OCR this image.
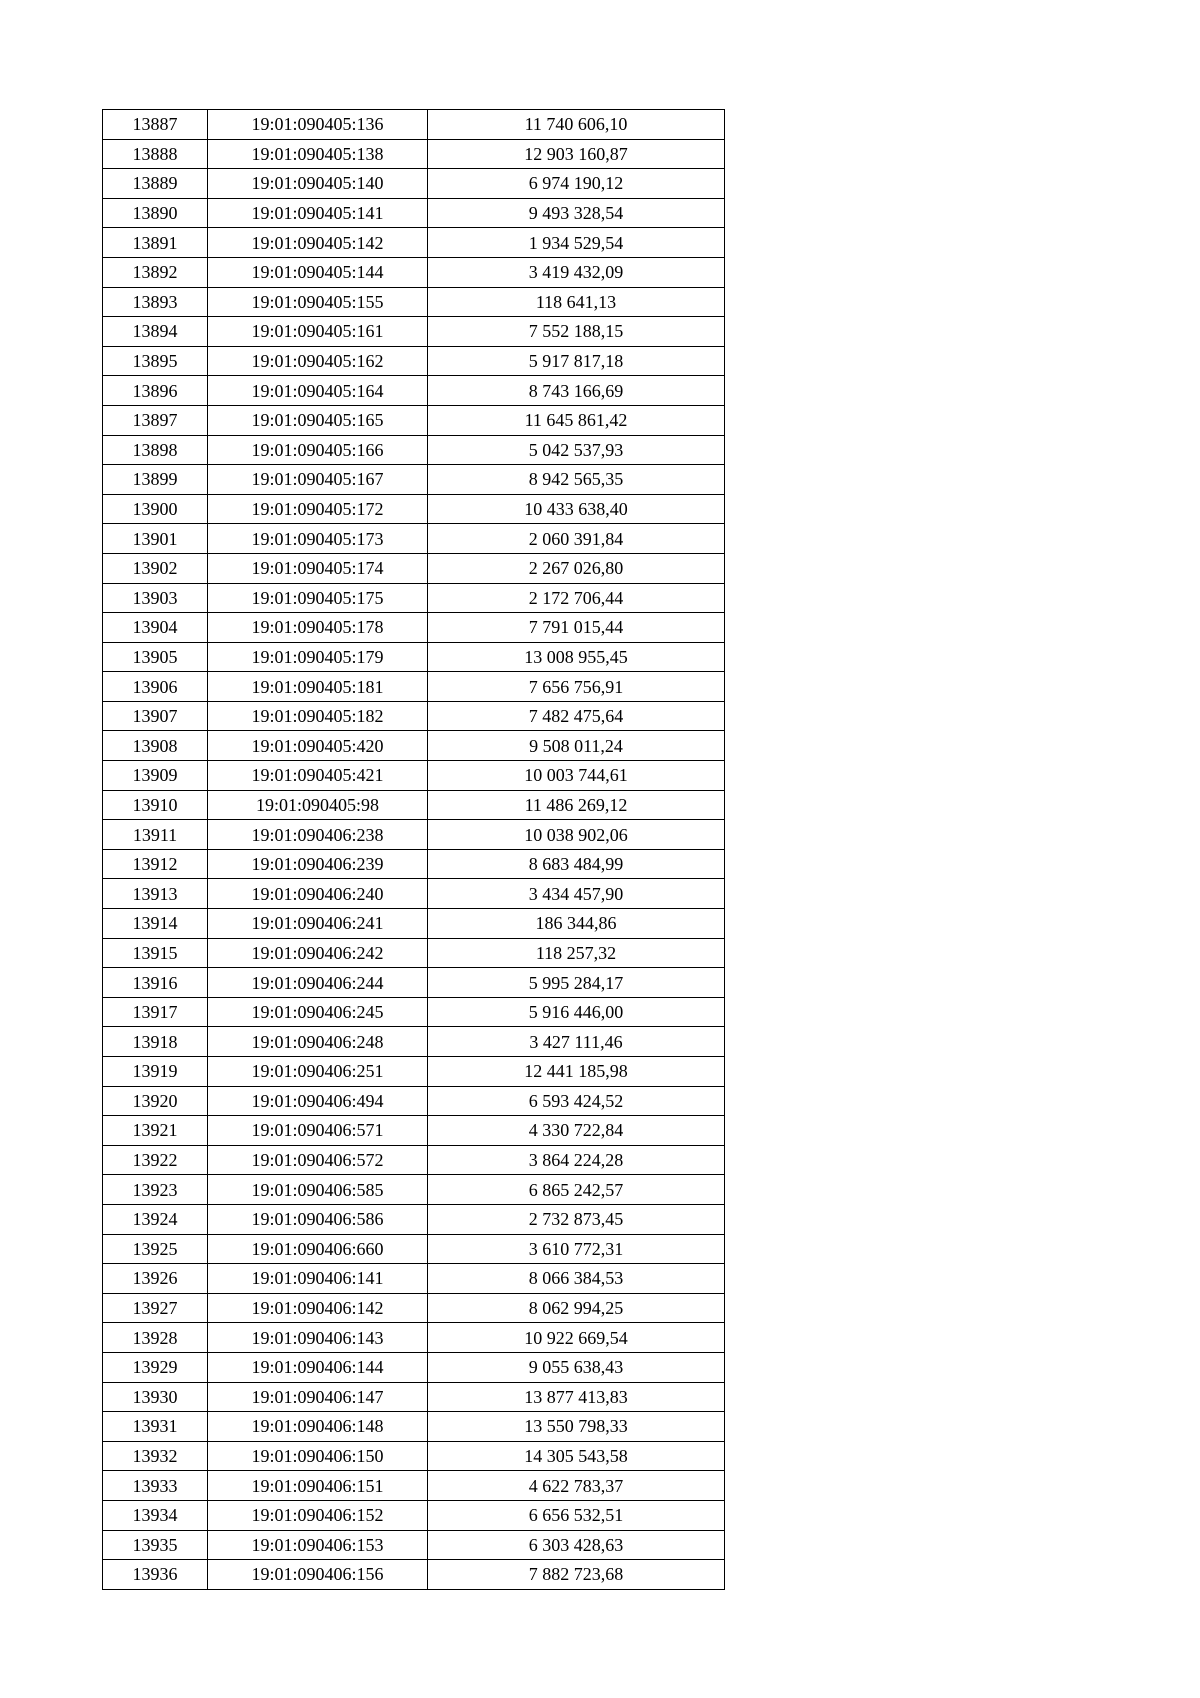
13887	19:01:090405:136	11 740 606,10
13888	19:01:090405:138	12 903 160,87
13889	19:01:090405:140	6 974 190,12
13890	19:01:090405:141	9 493 328,54
13891	19:01:090405:142	1 934 529,54
13892	19:01:090405:144	3 419 432,09
13893	19:01:090405:155	118 641,13
13894	19:01:090405:161	7 552 188,15
13895	19:01:090405:162	5 917 817,18
13896	19:01:090405:164	8 743 166,69
13897	19:01:090405:165	11 645 861,42
13898	19:01:090405:166	5 042 537,93
13899	19:01:090405:167	8 942 565,35
13900	19:01:090405:172	10 433 638,40
13901	19:01:090405:173	2 060 391,84
13902	19:01:090405:174	2 267 026,80
13903	19:01:090405:175	2 172 706,44
13904	19:01:090405:178	7 791 015,44
13905	19:01:090405:179	13 008 955,45
13906	19:01:090405:181	7 656 756,91
13907	19:01:090405:182	7 482 475,64
13908	19:01:090405:420	9 508 011,24
13909	19:01:090405:421	10 003 744,61
13910	19:01:090405:98	11 486 269,12
13911	19:01:090406:238	10 038 902,06
13912	19:01:090406:239	8 683 484,99
13913	19:01:090406:240	3 434 457,90
13914	19:01:090406:241	186 344,86
13915	19:01:090406:242	118 257,32
13916	19:01:090406:244	5 995 284,17
13917	19:01:090406:245	5 916 446,00
13918	19:01:090406:248	3 427 111,46
13919	19:01:090406:251	12 441 185,98
13920	19:01:090406:494	6 593 424,52
13921	19:01:090406:571	4 330 722,84
13922	19:01:090406:572	3 864 224,28
13923	19:01:090406:585	6 865 242,57
13924	19:01:090406:586	2 732 873,45
13925	19:01:090406:660	3 610 772,31
13926	19:01:090406:141	8 066 384,53
13927	19:01:090406:142	8 062 994,25
13928	19:01:090406:143	10 922 669,54
13929	19:01:090406:144	9 055 638,43
13930	19:01:090406:147	13 877 413,83
13931	19:01:090406:148	13 550 798,33
13932	19:01:090406:150	14 305 543,58
13933	19:01:090406:151	4 622 783,37
13934	19:01:090406:152	6 656 532,51
13935	19:01:090406:153	6 303 428,63
13936	19:01:090406:156	7 882 723,68
